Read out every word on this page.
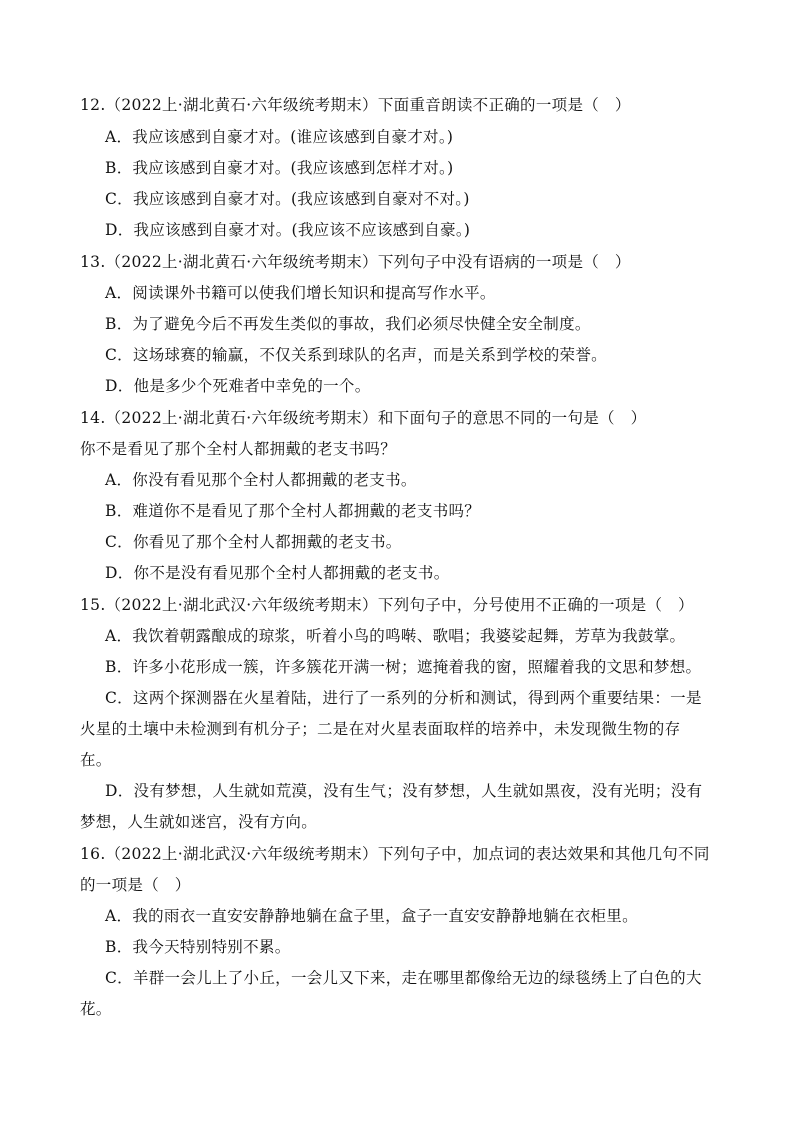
12.（2022上·湖北黄石·六年级统考期末）下面重音朗读不正确的一项是（　）
A．我应该感到自豪才对。(谁应该感到自豪才对。)
B．我应该感到自豪才对。(我应该感到怎样才对。)
C．我应该感到自豪才对。(我应该感到自豪对不对。)
D．我应该感到自豪才对。(我应该不应该感到自豪。)
13.（2022上·湖北黄石·六年级统考期末）下列句子中没有语病的一项是（　）
A．阅读课外书籍可以使我们增长知识和提高写作水平。
B．为了避免今后不再发生类似的事故，我们必须尽快健全安全制度。
C．这场球赛的输赢，不仅关系到球队的名声，而是关系到学校的荣誉。
D．他是多少个死难者中幸免的一个。
14.（2022上·湖北黄石·六年级统考期末）和下面句子的意思不同的一句是（　）
你不是看见了那个全村人都拥戴的老支书吗？
A．你没有看见那个全村人都拥戴的老支书。
B．难道你不是看见了那个全村人都拥戴的老支书吗？
C．你看见了那个全村人都拥戴的老支书。
D．你不是没有看见那个全村人都拥戴的老支书。
15.（2022上·湖北武汉·六年级统考期末）下列句子中，分号使用不正确的一项是（　）
A．我饮着朝露酿成的琼浆，听着小鸟的鸣啭、歌唱；我婆娑起舞，芳草为我鼓掌。
B．许多小花形成一簇，许多簇花开满一树；遮掩着我的窗，照耀着我的文思和梦想。
C．这两个探测器在火星着陆，进行了一系列的分析和测试，得到两个重要结果：一是
火星的土壤中未检测到有机分子；二是在对火星表面取样的培养中，未发现微生物的存
在。
D．没有梦想，人生就如荒漠，没有生气；没有梦想，人生就如黑夜，没有光明；没有
梦想，人生就如迷宫，没有方向。
16.（2022上·湖北武汉·六年级统考期末）下列句子中，加点词的表达效果和其他几句不同
的一项是（　）
A．我的雨衣一直安安静静地躺在盒子里，盒子一直安安静静地躺在衣柜里。
B．我今天特别特别不累。
C．羊群一会儿上了小丘，一会儿又下来，走在哪里都像给无边的绿毯绣上了白色的大
花。
